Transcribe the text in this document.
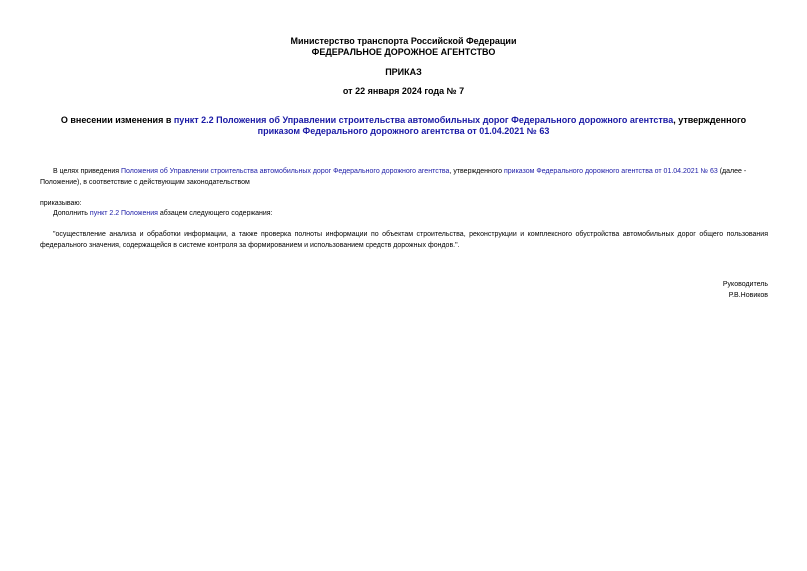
Министерство транспорта Российской Федерации
ФЕДЕРАЛЬНОЕ ДОРОЖНОЕ АГЕНТСТВО
ПРИКАЗ
от 22 января 2024 года № 7
О внесении изменения в пункт 2.2 Положения об Управлении строительства автомобильных дорог Федерального дорожного агентства, утвержденного приказом Федерального дорожного агентства от 01.04.2021 № 63
В целях приведения Положения об Управлении строительства автомобильных дорог Федерального дорожного агентства, утвержденного приказом Федерального дорожного агентства от 01.04.2021 № 63 (далее - Положение), в соответствие с действующим законодательством
приказываю:
Дополнить пункт 2.2 Положения абзацем следующего содержания:
"осуществление анализа и обработки информации, а также проверка полноты информации по объектам строительства, реконструкции и комплексного обустройства автомобильных дорог общего пользования федерального значения, содержащейся в системе контроля за формированием и использованием средств дорожных фондов.".
Руководитель
Р.В.Новиков
